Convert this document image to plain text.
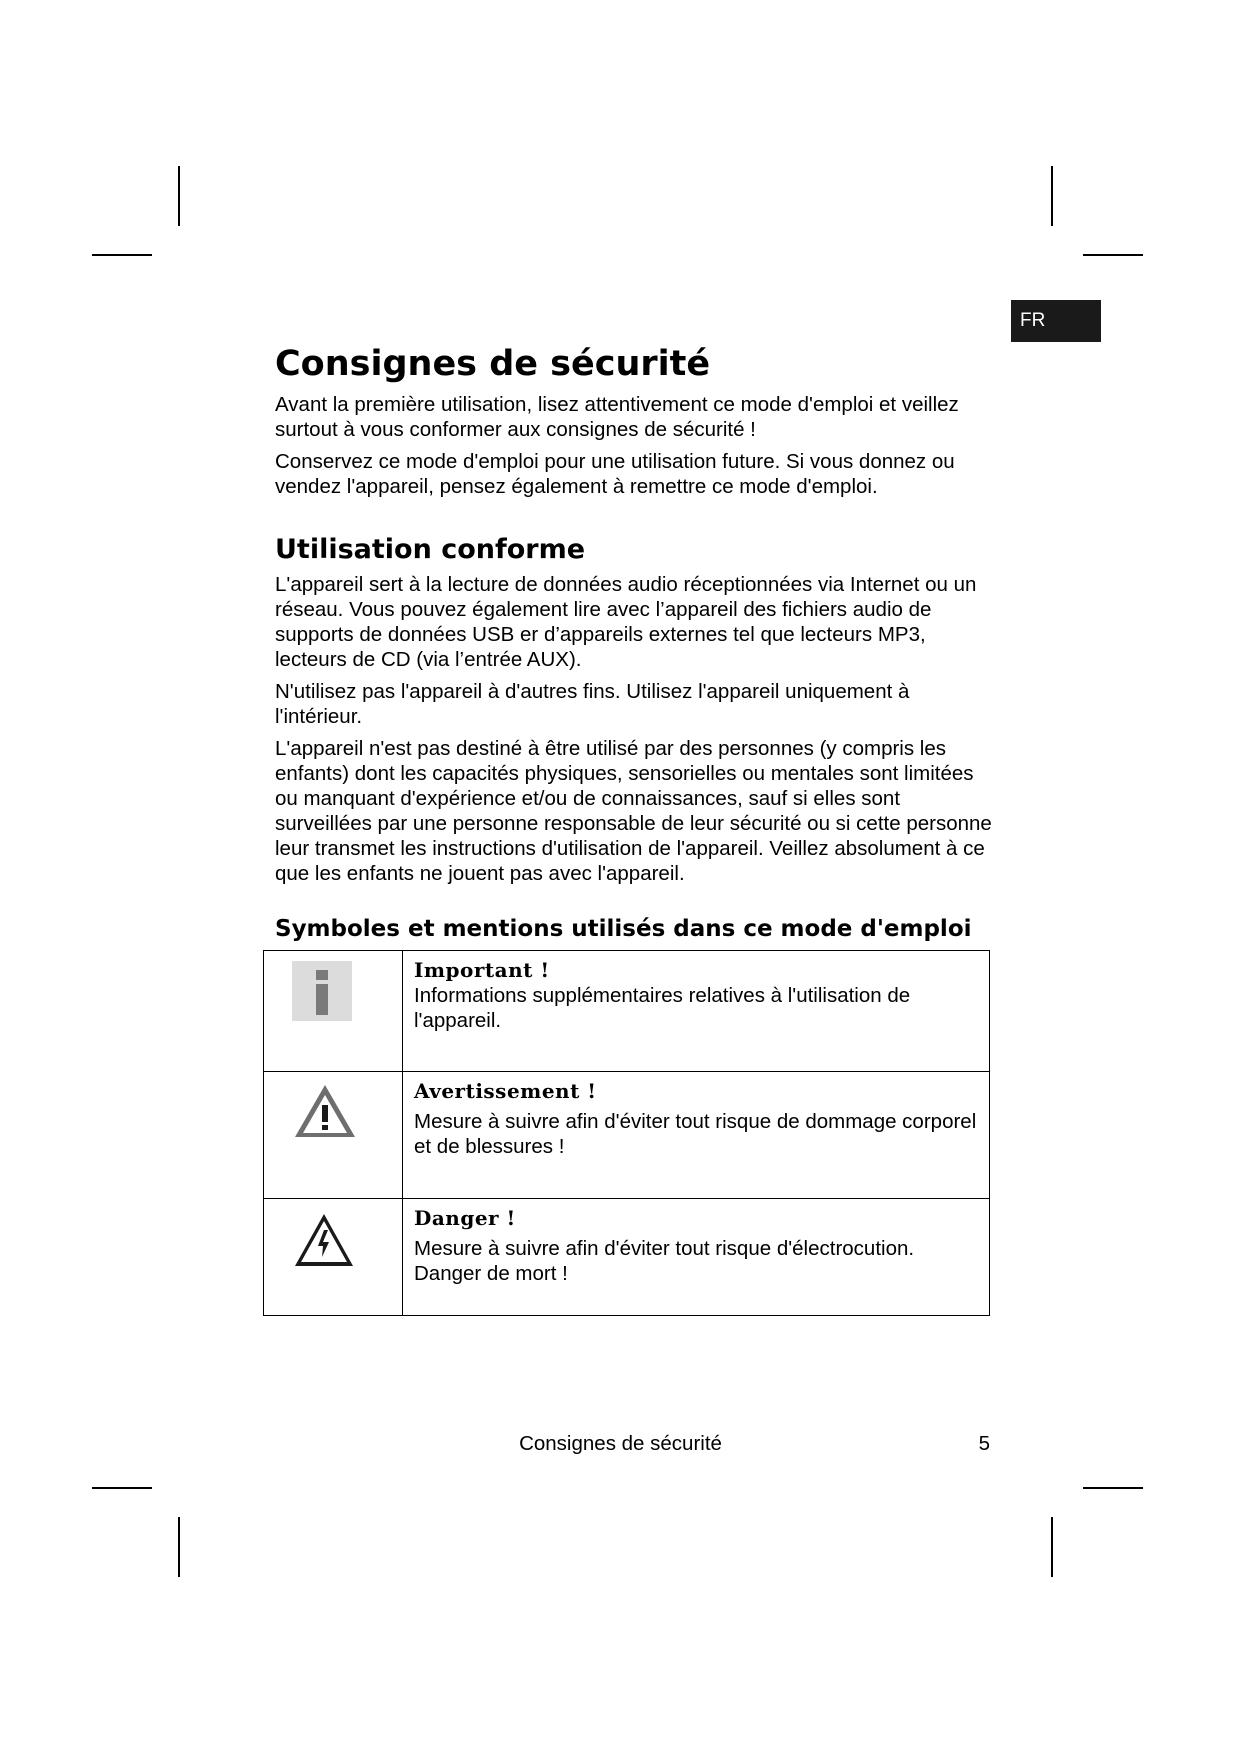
FR
Consignes de sécurité

Avant la première utilisation, lisez attentivement ce mode d'emploi et veillez surtout à vous conformer aux consignes de sécurité !

Conservez ce mode d'emploi pour une utilisation future. Si vous donnez ou vendez l'appareil, pensez également à remettre ce mode d'emploi.

Utilisation conforme

L'appareil sert à la lecture de données audio réceptionnées via Internet ou un réseau. Vous pouvez également lire avec l’appareil des fichiers audio de supports de données USB er d’appareils externes tel que lecteurs MP3, lecteurs de CD (via l’entrée AUX).

N'utilisez pas l'appareil à d'autres fins. Utilisez l'appareil uniquement à l'intérieur.

L'appareil n'est pas destiné à être utilisé par des personnes (y compris les enfants) dont les capacités physiques, sensorielles ou mentales sont limitées ou manquant d'expérience et/ou de connaissances, sauf si elles sont surveillées par une personne responsable de leur sécurité ou si cette personne leur transmet les instructions d'utilisation de l'appareil. Veillez absolument à ce que les enfants ne jouent pas avec l'appareil.

Symboles et mentions utilisés dans ce mode d'emploi

Important !
Informations supplémentaires relatives à l'utilisation de l'appareil.

Avertissement !
Mesure à suivre afin d'éviter tout risque de dommage corporel et de blessures !

Danger !
Mesure à suivre afin d'éviter tout risque d'électrocution. Danger de mort !
Consignes de sécurité	5
